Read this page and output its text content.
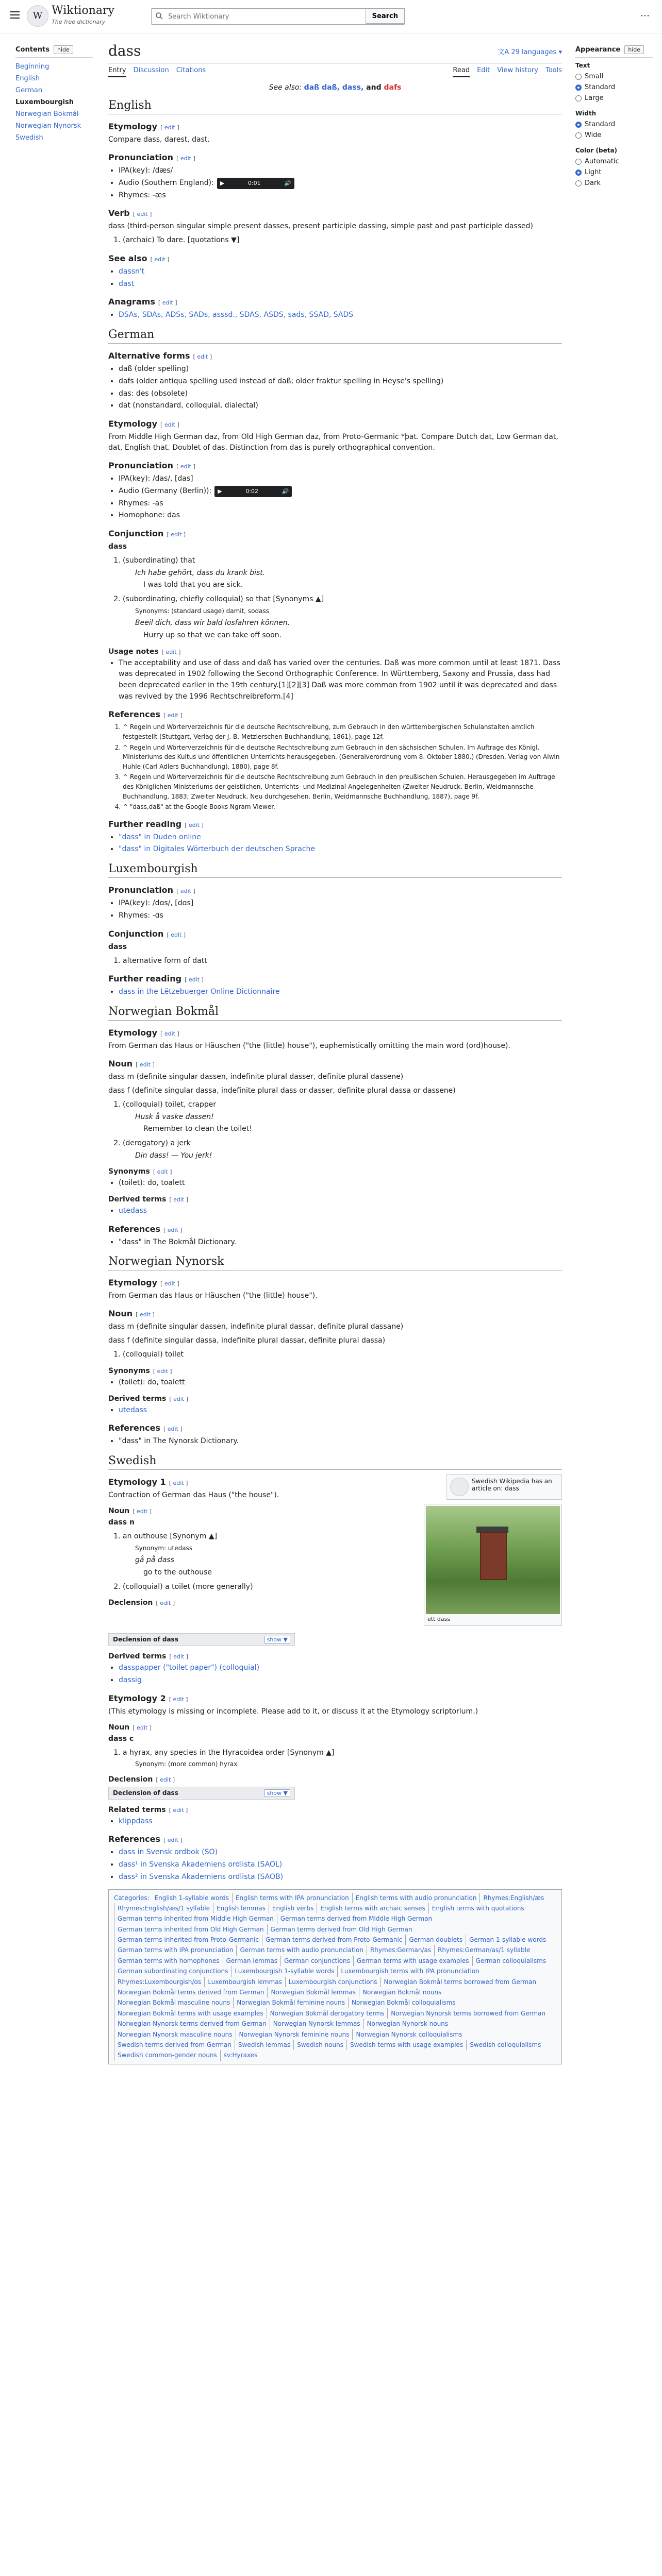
W Wiktionary
The free dictionary
Search Wiktionary
Search	⋯
Contents	hide
Beginning
English
German
Luxembourgish
Norwegian Bokmål
Norwegian Nynorsk
Swedish
Appearance	hide
Text
Small
Standard
Large
Width
Standard
Wide
Color (beta)
Automatic
Light
Dark
dass	文A 29 languages ▾
Entry Discussion Citations	Read Edit View history Tools
See also: daß daß, dass, and dafs
English
Etymology [ edit ]

Compare dass, darest, dast.

Pronunciation [ edit ]
• IPA(key): /dæs/
• Audio (Southern England): ▶	0:01	🔊
• Rhymes: -æs
Verb [ edit ]

dass (third-person singular simple present dasses, present participle dassing, simple past and past participle dassed)

1. (archaic) To dare. [quotations ▼]
See also [ edit ]
• dassn't
• dast
Anagrams [ edit ]
• DSAs, SDAs, ADSs, SADs, asssd., SDAS, ASDS, sads, SSAD, SADS
German
Alternative forms [ edit ]
• daß (older spelling)
• dafs (older antiqua spelling used instead of daß; older fraktur spelling in Heyse's spelling)
• das: des (obsolete)
• dat (nonstandard, colloquial, dialectal)
Etymology [ edit ]

From Middle High German daz, from Old High German daz, from Proto-Germanic *þat. Compare Dutch dat, Low German dat, dat, English that. Doublet of das. Distinction from das is purely orthographical convention.

Pronunciation [ edit ]
• IPA(key): /das/, [das]
• Audio (Germany (Berlin)): ▶	0:02	🔊
• Rhymes: -as
• Homophone: das
Conjunction [ edit ]

dass

1. (subordinating) that
Ich habe gehört, dass du krank bist.
I was told that you are sick.
2. (subordinating, chiefly colloquial) so that [Synonyms ▲]
Synonyms: (standard usage) damit, sodass
Beeil dich, dass wir bald losfahren können.
Hurry up so that we can take off soon.
Usage notes [ edit ]
• The acceptability and use of dass and daß has varied over the centuries. Daß was more common until at least 1871. Dass was deprecated in 1902 following the Second Orthographic Conference. In Württemberg, Saxony and Prussia, dass had been deprecated earlier in the 19th century.[1][2][3] Daß was more common from 1902 until it was deprecated and dass was revived by the 1996 Rechtschreibreform.[4]
References [ edit ]
1. ^ Regeln und Wörterverzeichnis für die deutsche Rechtschreibung, zum Gebrauch in den württembergischen Schulanstalten amtlich festgestellt (Stuttgart, Verlag der J. B. Metzlerschen Buchhandlung, 1861), page 12f.
2. ^ Regeln und Wörterverzeichnis für die deutsche Rechtschreibung zum Gebrauch in den sächsischen Schulen. Im Auftrage des Königl. Ministeriums des Kultus und öffentlichen Unterrichts herausgegeben. (Generalverordnung vom 8. Oktober 1880.) (Dresden, Verlag von Alwin Huhle (Carl Adlers Buchhandlung), 1880), page 8f.
3. ^ Regeln und Wörterverzeichnis für die deutsche Rechtschreibung zum Gebrauch in den preußischen Schulen. Herausgegeben im Auftrage des Königlichen Ministeriums der geistlichen, Unterrichts- und Medizinal-Angelegenheiten (Zweiter Neudruck. Berlin, Weidmannsche Buchhandlung, 1883; Zweiter Neudruck. Neu durchgesehen. Berlin, Weidmannsche Buchhandlung, 1887), page 9f.
4. ^ "dass,daß" at the Google Books Ngram Viewer.
Further reading [ edit ]
• "dass" in Duden online
• "dass" in Digitales Wörterbuch der deutschen Sprache
Luxembourgish
Pronunciation [ edit ]
• IPA(key): /dɑs/, [dɑs]
• Rhymes: -ɑs
Conjunction [ edit ]

dass

1. alternative form of datt
Further reading [ edit ]
• dass in the Lëtzebuerger Online Dictionnaire
Norwegian Bokmål
Etymology [ edit ]

From German das Haus or Häuschen ("the (little) house"), euphemistically omitting the main word (ord)house).

Noun [ edit ]

dass m (definite singular dassen, indefinite plural dasser, definite plural dassene)

dass f (definite singular dassa, indefinite plural dass or dasser, definite plural dassa or dassene)

1. (colloquial) toilet, crapper
Husk å vaske dassen!
Remember to clean the toilet!
2. (derogatory) a jerk
Din dass! — You jerk!
Synonyms [ edit ]
• (toilet): do, toalett
Derived terms [ edit ]
• utedass
References [ edit ]
• "dass" in The Bokmål Dictionary.
Norwegian Nynorsk
Etymology [ edit ]

From German das Haus or Häuschen ("the (little) house").

Noun [ edit ]

dass m (definite singular dassen, indefinite plural dassar, definite plural dassane)

dass f (definite singular dassa, indefinite plural dassar, definite plural dassa)

1. (colloquial) toilet
Synonyms [ edit ]
• (toilet): do, toalett
Derived terms [ edit ]
• utedass
References [ edit ]
• "dass" in The Nynorsk Dictionary.
Swedish
Swedish Wikipedia has an article on: dass
Etymology 1 [ edit ]

Contraction of German das Haus ("the house").

ett dass
Noun [ edit ]

dass n

1. an outhouse [Synonym ▲]
Synonym: utedass
gå på dass
go to the outhouse
2. (colloquial) a toilet (more generally)
Declension [ edit ]
Declension of dass	show ▼
Derived terms [ edit ]
• dasspapper ("toilet paper") (colloquial)
• dassig
Etymology 2 [ edit ]

(This etymology is missing or incomplete. Please add to it, or discuss it at the Etymology scriptorium.)

Noun [ edit ]

dass c

1. a hyrax, any species in the Hyracoidea order [Synonym ▲]
Synonym: (more common) hyrax
Declension [ edit ]
Declension of dass	show ▼
Related terms [ edit ]
• klippdass
References [ edit ]
• dass in Svensk ordbok (SO)
• dass¹ in Svenska Akademiens ordlista (SAOL)
• dass² in Svenska Akademiens ordlista (SAOB)
Categories: English 1-syllable words English terms with IPA pronunciation English terms with audio pronunciation Rhymes:English/æsRhymes:English/æs/1 syllable English lemmas English verbs English terms with archaic senses English terms with quotationsGerman terms inherited from Middle High German German terms derived from Middle High GermanGerman terms inherited from Old High German German terms derived from Old High GermanGerman terms inherited from Proto-Germanic German terms derived from Proto-Germanic German doublets German 1-syllable wordsGerman terms with IPA pronunciation German terms with audio pronunciation Rhymes:German/as Rhymes:German/as/1 syllableGerman terms with homophones German lemmas German conjunctions German terms with usage examples German colloquialismsGerman subordinating conjunctions Luxembourgish 1-syllable words Luxembourgish terms with IPA pronunciationRhymes:Luxembourgish/ɑs Luxembourgish lemmas Luxembourgish conjunctions Norwegian Bokmål terms borrowed from GermanNorwegian Bokmål terms derived from German Norwegian Bokmål lemmas Norwegian Bokmål nounsNorwegian Bokmål masculine nouns Norwegian Bokmål feminine nouns Norwegian Bokmål colloquialismsNorwegian Bokmål terms with usage examples Norwegian Bokmål derogatory terms Norwegian Nynorsk terms borrowed from GermanNorwegian Nynorsk terms derived from German Norwegian Nynorsk lemmas Norwegian Nynorsk nounsNorwegian Nynorsk masculine nouns Norwegian Nynorsk feminine nouns Norwegian Nynorsk colloquialismsSwedish terms derived from German Swedish lemmas Swedish nouns Swedish terms with usage examples Swedish colloquialismsSwedish common-gender nouns sv:Hyraxes
